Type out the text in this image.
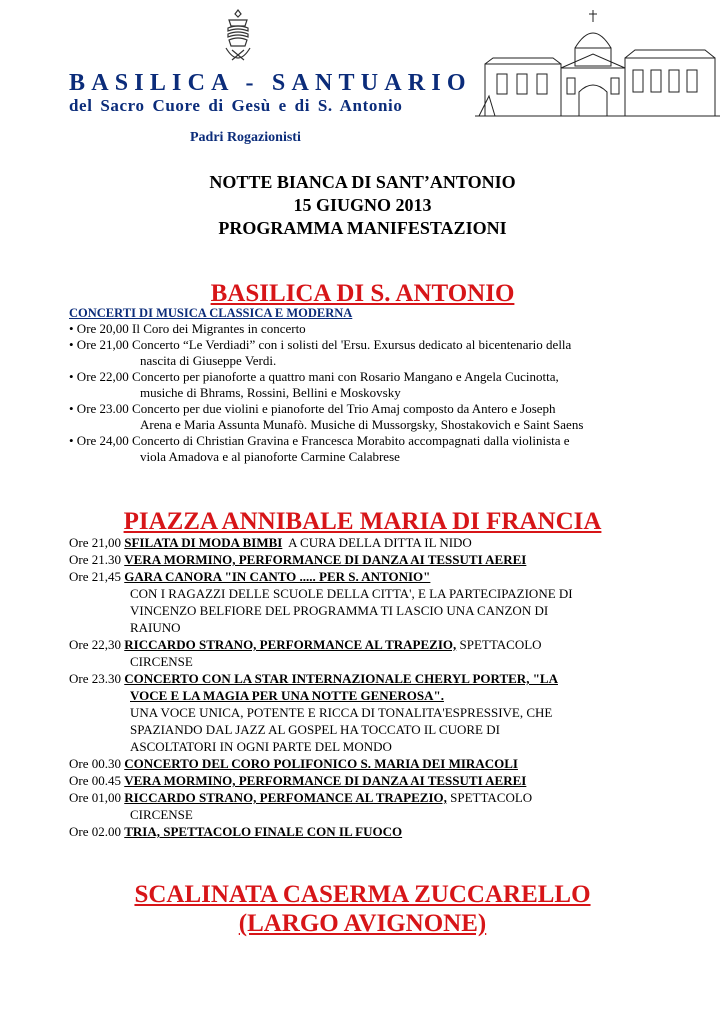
BASILICA - SANTUARIO
del Sacro Cuore di Gesù e di S. Antonio
Padri Rogazionisti
NOTTE BIANCA DI SANT’ANTONIO
15 GIUGNO 2013
PROGRAMMA MANIFESTAZIONI
BASILICA DI S. ANTONIO
CONCERTI DI MUSICA CLASSICA E MODERNA
• Ore 20,00 Il Coro dei Migrantes in concerto
• Ore 21,00 Concerto “Le Verdiadi” con i solisti del 'Ersu. Exursus dedicato al bicentenario della
nascita di Giuseppe Verdi.
• Ore 22,00 Concerto per pianoforte a quattro mani con Rosario Mangano e Angela Cucinotta,
musiche di Bhrams, Rossini, Bellini e Moskovsky
• Ore 23.00 Concerto per due violini e pianoforte del Trio Amaj composto da Antero e Joseph
Arena e Maria Assunta Munafò. Musiche di Mussorgsky, Shostakovich e Saint Saens
• Ore 24,00 Concerto di Christian Gravina e Francesca Morabito accompagnati dalla violinista e
viola Amadova e al pianoforte Carmine Calabrese
PIAZZA ANNIBALE MARIA DI FRANCIA
Ore 21,00 SFILATA DI MODA BIMBI  A CURA DELLA DITTA IL NIDO
Ore 21.30 VERA MORMINO, PERFORMANCE DI DANZA AI TESSUTI AEREI
Ore 21,45 GARA CANORA "IN CANTO ..... PER S. ANTONIO"
CON I RAGAZZI DELLE SCUOLE DELLA CITTA', E LA PARTECIPAZIONE DI
VINCENZO BELFIORE DEL PROGRAMMA TI LASCIO UNA CANZON DI
RAIUNO
Ore 22,30 RICCARDO STRANO, PERFORMANCE AL TRAPEZIO, SPETTACOLO
CIRCENSE
Ore 23.30 CONCERTO CON LA STAR INTERNAZIONALE CHERYL PORTER, "LA
VOCE E LA MAGIA PER UNA NOTTE GENEROSA".
UNA VOCE UNICA, POTENTE E RICCA DI TONALITA'ESPRESSIVE, CHE
SPAZIANDO DAL JAZZ AL GOSPEL HA TOCCATO IL CUORE DI
ASCOLTATORI IN OGNI PARTE DEL MONDO
Ore 00.30 CONCERTO DEL CORO POLIFONICO S. MARIA DEI MIRACOLI
Ore 00.45 VERA MORMINO, PERFORMANCE DI DANZA AI TESSUTI AEREI
Ore 01,00 RICCARDO STRANO, PERFOMANCE AL TRAPEZIO, SPETTACOLO
CIRCENSE
Ore 02.00 TRIA, SPETTACOLO FINALE CON IL FUOCO
SCALINATA CASERMA ZUCCARELLO
(LARGO AVIGNONE)
